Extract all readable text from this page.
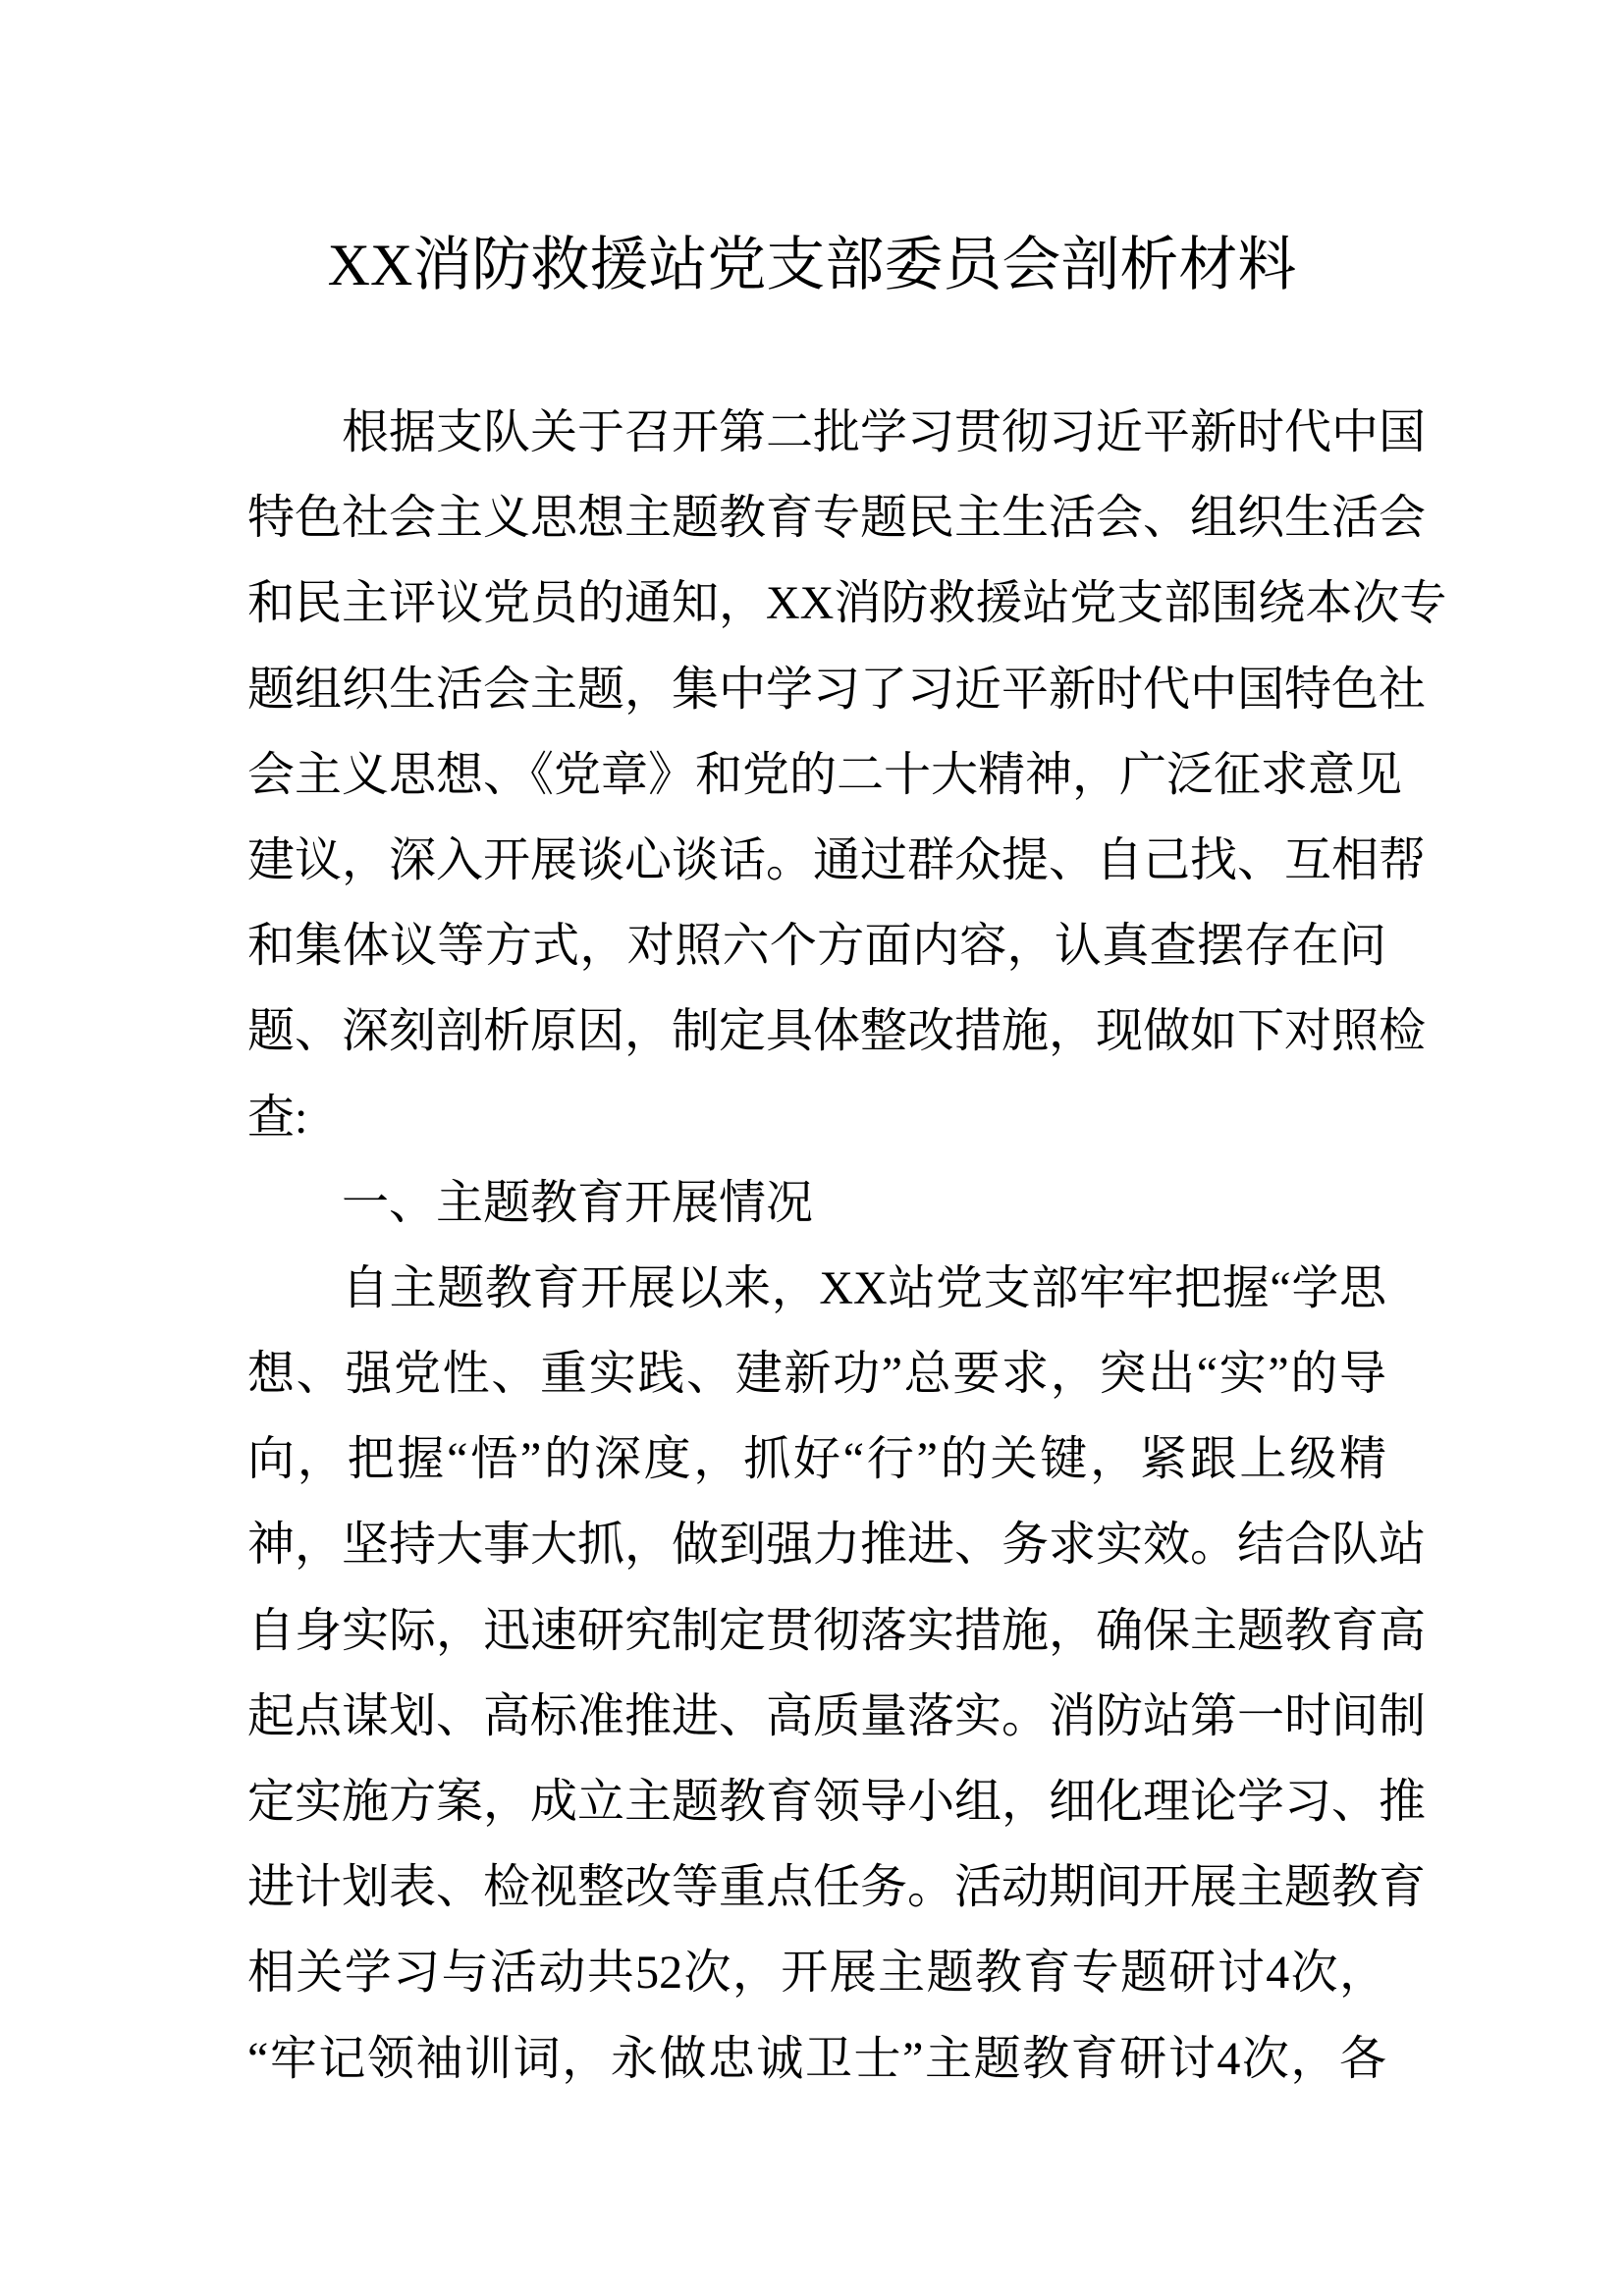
XX消防救援站党支部委员会剖析材料
根据支队关于召开第二批学习贯彻习近平新时代中国
特色社会主义思想主题教育专题民主生活会、组织生活会
和民主评议党员的通知，XX消防救援站党支部围绕本次专
题组织生活会主题，集中学习了习近平新时代中国特色社
会主义思想、《党章》和党的二十大精神，广泛征求意见
建议，深入开展谈心谈话。通过群众提、自己找、互相帮
和集体议等方式，对照六个方面内容，认真查摆存在问
题、深刻剖析原因，制定具体整改措施，现做如下对照检
查:
一、主题教育开展情况
自主题教育开展以来，XX站党支部牢牢把握“学思
想、强党性、重实践、建新功”总要求，突出“实”的导
向，把握“悟”的深度，抓好“行”的关键，紧跟上级精
神，坚持大事大抓，做到强力推进、务求实效。结合队站
自身实际，迅速研究制定贯彻落实措施，确保主题教育高
起点谋划、高标准推进、高质量落实。消防站第一时间制
定实施方案，成立主题教育领导小组，细化理论学习、推
进计划表、检视整改等重点任务。活动期间开展主题教育
相关学习与活动共52次，开展主题教育专题研讨4次，
“牢记领袖训词，永做忠诚卫士”主题教育研讨4次，各
